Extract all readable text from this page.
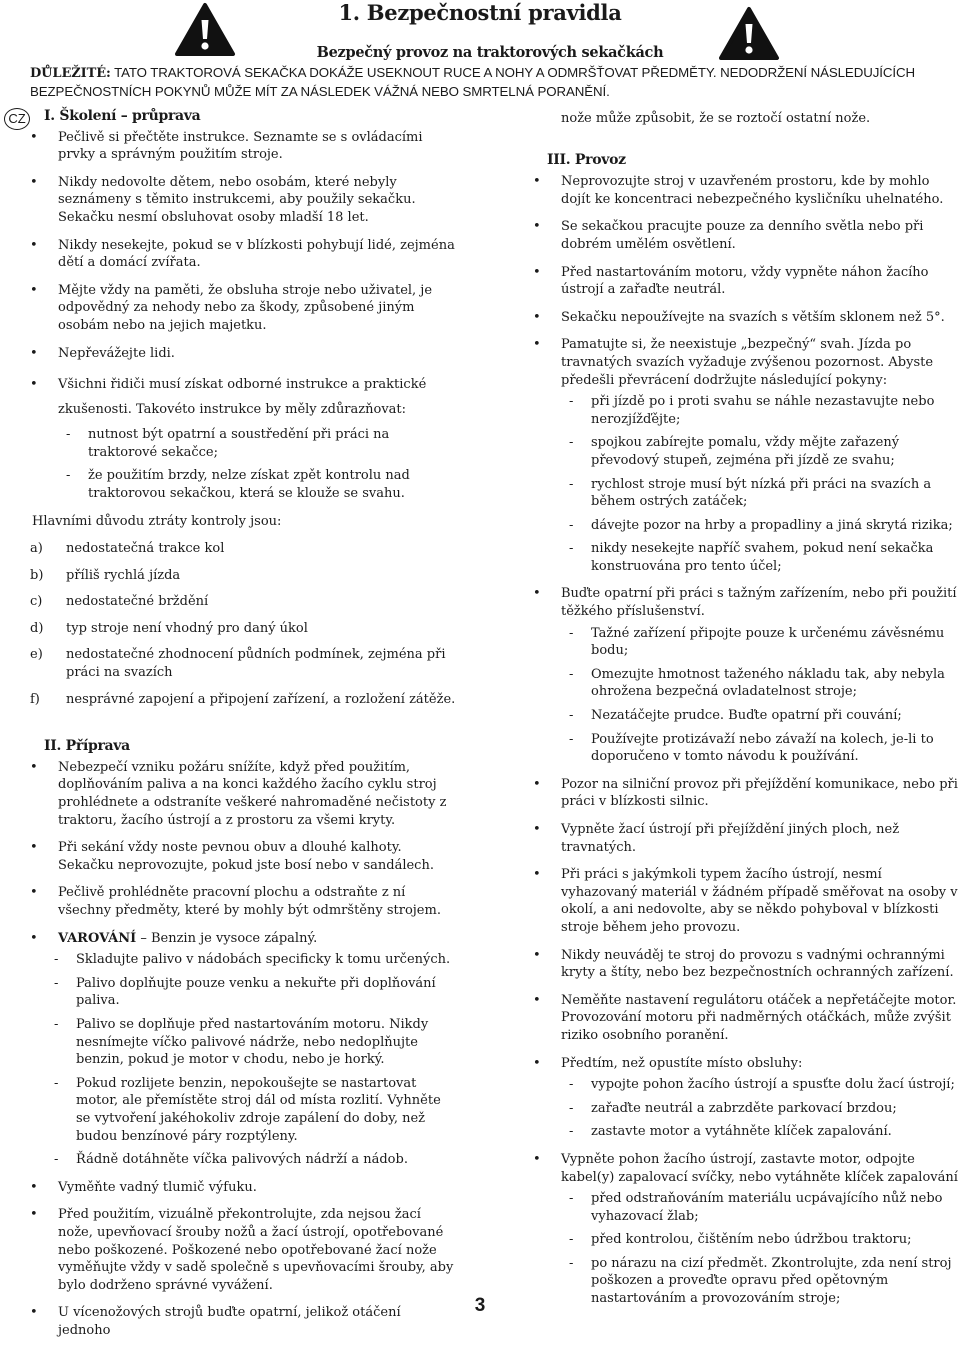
1. Bezpečnostní pravidla
Bezpečný provoz na traktorových sekačkách
DŮLEŽITÉ: TATO TRAKTOROVÁ SEKAČKA DOKÁŽE USEKNOUT RUCE A NOHY A ODMRŠŤOVAT PŘEDMĚTY. NEDODRŽENÍ NÁSLEDUJÍCÍCH BEZPEČNOSTNÍCH POKYNŮ MŮŽE MÍT ZA NÁSLEDEK VÁŽNÁ NEBO SMRTELNÁ PORANĚNÍ.
CZ	I. Školení – průprava

• Pečlivě si přečtěte instrukce. Seznamte se s ovládacími prvky a správným použitím stroje.
• Nikdy nedovolte dětem, nebo osobám, které nebyly seznámeny s těmito instrukcemi, aby použily sekačku. Sekačku nesmí obsluhovat osoby mladší 18 let.
• Nikdy nesekejte, pokud se v blízkosti pohybují lidé, zejména dětí a domácí zvířata.
• Mějte vždy na paměti, že obsluha stroje nebo uživatel, je odpovědný za nehody nebo za škody, způsobené jiným osobám nebo na jejich majetku.
• Nepřevážejte lidi.
• Všichni řidiči musí získat odborné instrukce a praktické zkušenosti. Takovéto instrukce by měly zdůrazňovat:
- nutnost být opatrní a soustředění při práci na traktorové sekačce;
- že použitím brzdy, nelze získat zpět kontrolu nad traktorovou sekačkou, která se klouže se svahu.

Hlavními důvodu ztráty kontroly jsou:

a) nedostatečná trakce kol
b) příliš rychlá jízda
c) nedostatečné brždění
d) typ stroje není vhodný pro daný úkol
e) nedostatečné zhodnocení půdních podmínek, zejména při práci na svazích
f) nesprávné zapojení a připojení zařízení, a rozložení zátěže.

II. Příprava

• Nebezpečí vzniku požáru snížíte, když před použitím, doplňováním paliva a na konci každého žacího cyklu stroj prohlédnete a odstraníte veškeré nahromaděné nečistoty z traktoru, žacího ústrojí a z prostoru za všemi kryty.
• Při sekání vždy noste pevnou obuv a dlouhé kalhoty. Sekačku neprovozujte, pokud jste bosí nebo v sandálech.
• Pečlivě prohlédněte pracovní plochu a odstraňte z ní všechny předměty, které by mohly být odmrštěny strojem.
• VAROVÁNÍ – Benzin je vysoce zápalný.
- Skladujte palivo v nádobách specificky k tomu určených.
- Palivo doplňujte pouze venku a nekuřte při doplňování paliva.
- Palivo se doplňuje před nastartováním motoru. Nikdy nesnímejte víčko palivové nádrže, nebo nedoplňujte benzin, pokud je motor v chodu, nebo je horký.
- Pokud rozlijete benzin, nepokoušejte se nastartovat motor, ale přemístěte stroj dál od místa rozlití. Vyhněte se vytvoření jakéhokoliv zdroje zapálení do doby, než budou benzínové páry rozptýleny.
- Řádně dotáhněte víčka palivových nádrží a nádob.
• Vyměňte vadný tlumič výfuku.
• Před použitím, vizuálně překontrolujte, zda nejsou žací nože, upevňovací šrouby nožů a žací ústrojí, opotřebované nebo poškozené. Poškozené nebo opotřebované žací nože vyměňujte vždy v sadě společně s upevňovacími šrouby, aby bylo dodrženo správné vyvážení.
• U vícenožových strojů buďte opatrní, jelikož otáčení jednoho

nože může způsobit, že se roztočí ostatní nože.

III. Provoz

• Neprovozujte stroj v uzavřeném prostoru, kde by mohlo dojít ke koncentraci nebezpečného kysličníku uhelnatého.
• Se sekačkou pracujte pouze za denního světla nebo při dobrém umělém osvětlení.
• Před nastartováním motoru, vždy vypněte náhon žacího ústrojí a zařaďte neutrál.
• Sekačku nepoužívejte na svazích s větším sklonem než 5°.
• Pamatujte si, že neexistuje „bezpečný“ svah. Jízda po travnatých svazích vyžaduje zvýšenou pozornost. Abyste předešli převrácení dodržujte následující pokyny:
- při jízdě po i proti svahu se náhle nezastavujte nebo nerozjížďějte;
- spojkou zabírejte pomalu, vždy mějte zařazený převodový stupeň, zejména při jízdě ze svahu;
- rychlost stroje musí být nízká při práci na svazích a během ostrých zatáček;
- dávejte pozor na hrby a propadliny a jiná skrytá rizika;
- nikdy nesekejte napříč svahem, pokud není sekačka konstruována pro tento účel;
• Buďte opatrní při práci s tažným zařízením, nebo při použití těžkého příslušenství.
- Tažné zařízení připojte pouze k určenému závěsnému bodu;
- Omezujte hmotnost taženého nákladu tak, aby nebyla ohrožena bezpečná ovladatelnost stroje;
- Nezatáčejte prudce. Buďte opatrní při couvání;
- Používejte protizávaží nebo závaží na kolech, je-li to doporučeno v tomto návodu k používání.
• Pozor na silniční provoz při přejíždění komunikace, nebo při práci v blízkosti silnic.
• Vypněte žací ústrojí při přejíždění jiných ploch, než travnatých.
• Při práci s jakýmkoli typem žacího ústrojí, nesmí vyhazovaný materiál v žádném případě směřovat na osoby v okolí, a ani nedovolte, aby se někdo pohyboval v blízkosti stroje během jeho provozu.
• Nikdy neuváděj te stroj do provozu s vadnými ochrannými kryty a štíty, nebo bez bezpečnostních ochranných zařízení.
• Neměňte nastavení regulátoru otáček a nepřetáčejte motor. Provozování motoru při nadměrných otáčkách, může zvýšit riziko osobního poranění.
• Předtím, než opustíte místo obsluhy:
- vypojte pohon žacího ústrojí a spusťte dolu žací ústrojí;
- zařaďte neutrál a zabrzděte parkovací brzdou;
- zastavte motor a vytáhněte klíček zapalování.
• Vypněte pohon žacího ústrojí, zastavte motor, odpojte kabel(y) zapalovací svíčky, nebo vytáhněte klíček zapalování
- před odstraňováním materiálu ucpávajícího nůž nebo vyhazovací žlab;
- před kontrolou, čištěním nebo údržbou traktoru;
- po nárazu na cizí předmět. Zkontrolujte, zda není stroj poškozen a proveďte opravu před opětovným nastartováním a provozováním stroje;
3
